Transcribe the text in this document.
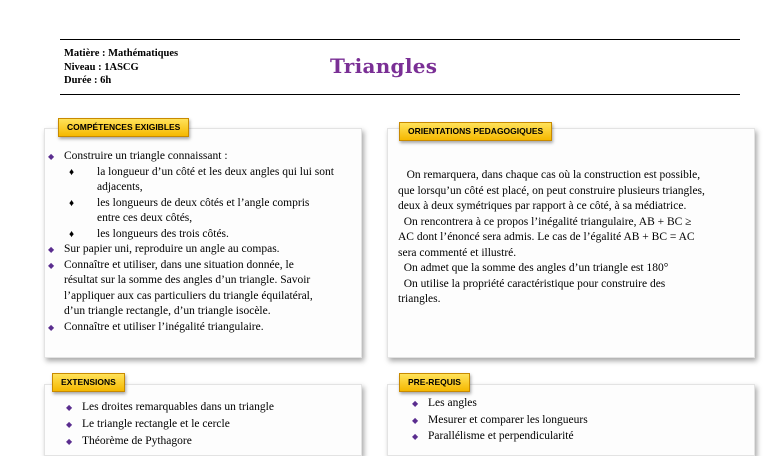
Matière : Mathématiques
Niveau : 1ASCG
Durée : 6h
Triangles
COMPÉTENCES EXIGIBLES
◆ Construire un triangle connaissant :
♦ la longueur d’un côté et les deux angles qui lui sont
adjacents,
♦ les longueurs de deux côtés et l’angle compris
entre ces deux côtés,
♦ les longueurs des trois côtés.
◆ Sur papier uni, reproduire un angle au compas.
◆ Connaître et utiliser, dans une situation donnée, le
résultat sur la somme des angles d’un triangle. Savoir
l’appliquer aux cas particuliers du triangle équilatéral,
d’un triangle rectangle, d’un triangle isocèle.
◆ Connaître et utiliser l’inégalité triangulaire.
ORIENTATIONS PEDAGOGIQUES

On remarquera, dans chaque cas où la construction est possible,
que lorsqu’un côté est placé, on peut construire plusieurs triangles,
deux à deux symétriques par rapport à ce côté, à sa médiatrice.

On rencontrera à ce propos l’inégalité triangulaire, AB + BC ≥
AC dont l’énoncé sera admis. Le cas de l’égalité AB + BC = AC
sera commenté et illustré.

On admet que la somme des angles d’un triangle est 180°

On utilise la propriété caractéristique pour construire des
triangles.

EXTENSIONS
◆ Les droites remarquables dans un triangle
◆ Le triangle rectangle et le cercle
◆ Théorème de Pythagore
PRE-REQUIS
◆ Les angles
◆ Mesurer et comparer les longueurs
◆ Parallélisme et perpendicularité
